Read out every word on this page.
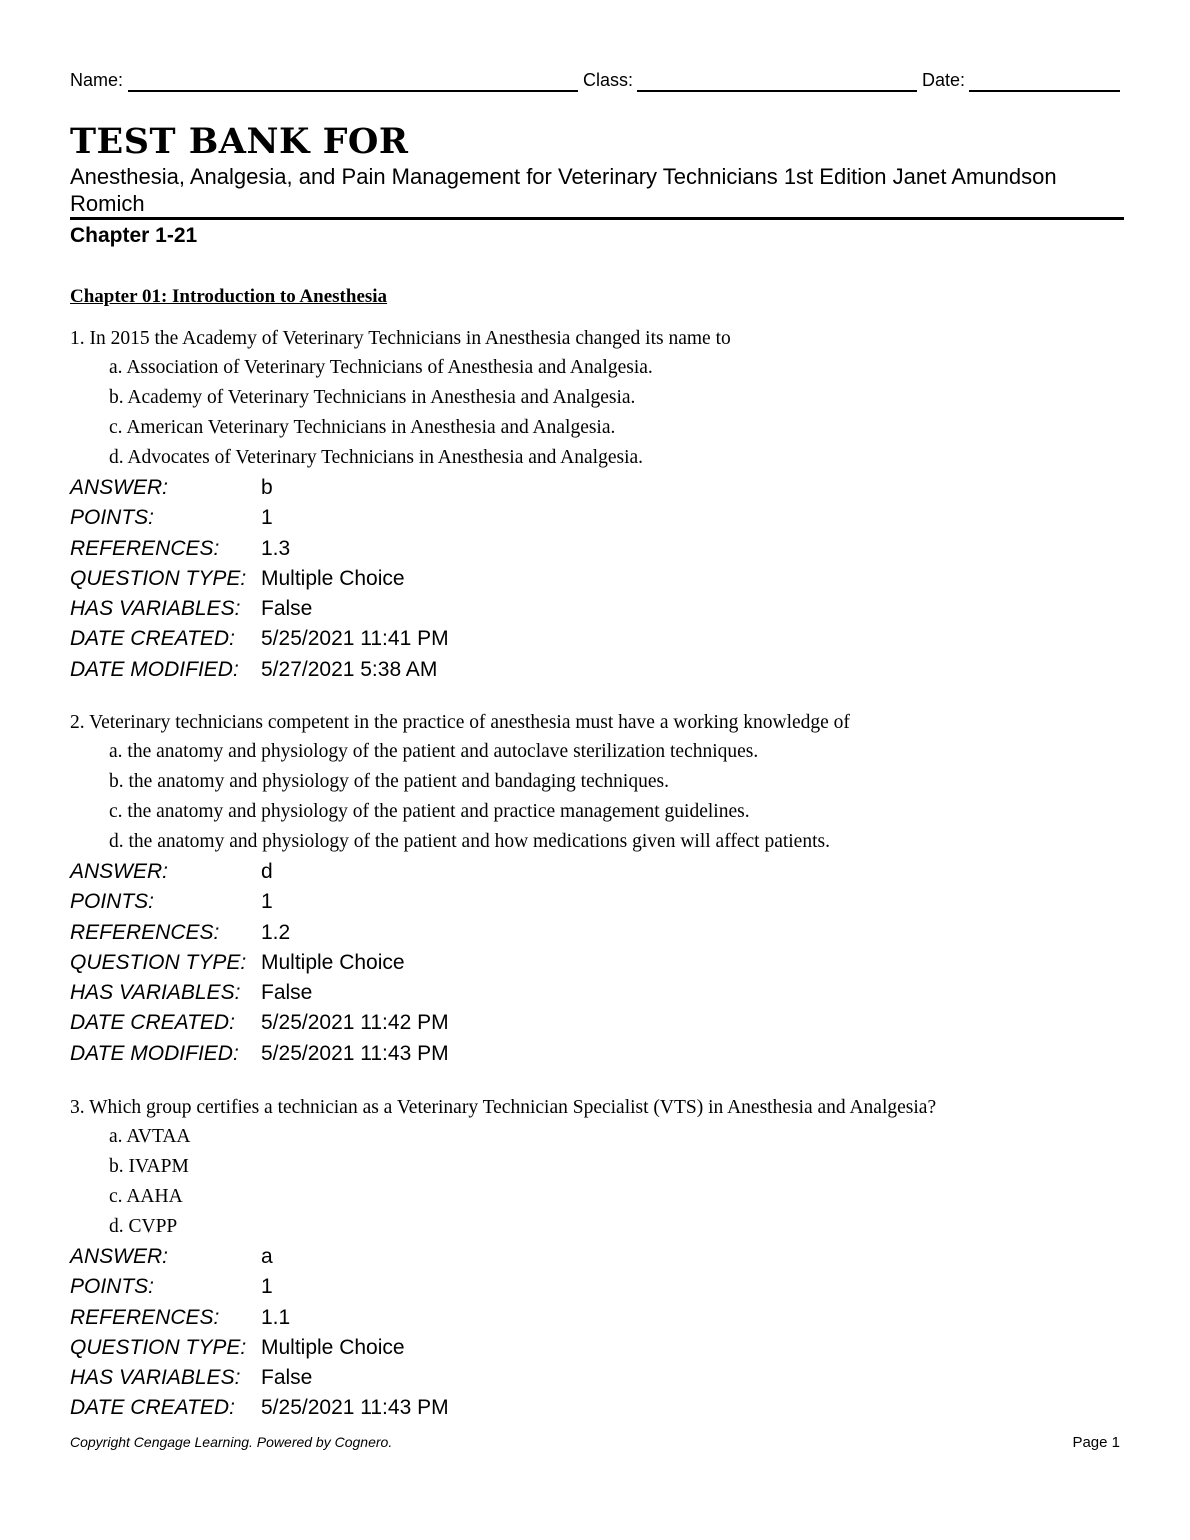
Name:	Class:	Date:
TEST BANK FOR
Anesthesia, Analgesia, and Pain Management for Veterinary Technicians 1st Edition Janet Amundson Romich
Chapter 1-21
Chapter 01: Introduction to Anesthesia
1. In 2015 the Academy of Veterinary Technicians in Anesthesia changed its name to
a. Association of Veterinary Technicians of Anesthesia and Analgesia.
b. Academy of Veterinary Technicians in Anesthesia and Analgesia.
c. American Veterinary Technicians in Anesthesia and Analgesia.
d. Advocates of Veterinary Technicians in Anesthesia and Analgesia.
ANSWER:	b
POINTS:	1
REFERENCES: 1.3
QUESTION TYPE: Multiple Choice
HAS VARIABLES: False
DATE CREATED: 5/25/2021 11:41 PM
DATE MODIFIED: 5/27/2021 5:38 AM
2. Veterinary technicians competent in the practice of anesthesia must have a working knowledge of
a. the anatomy and physiology of the patient and autoclave sterilization techniques.
b. the anatomy and physiology of the patient and bandaging techniques.
c. the anatomy and physiology of the patient and practice management guidelines.
d. the anatomy and physiology of the patient and how medications given will affect patients.
ANSWER:	d
POINTS:	1
REFERENCES: 1.2
QUESTION TYPE: Multiple Choice
HAS VARIABLES: False
DATE CREATED: 5/25/2021 11:42 PM
DATE MODIFIED: 5/25/2021 11:43 PM
3. Which group certifies a technician as a Veterinary Technician Specialist (VTS) in Anesthesia and Analgesia?
a. AVTAA
b. IVAPM
c. AAHA
d. CVPP
ANSWER:	a
POINTS:	1
REFERENCES: 1.1
QUESTION TYPE: Multiple Choice
HAS VARIABLES: False
DATE CREATED: 5/25/2021 11:43 PM
Copyright Cengage Learning. Powered by Cognero.	Page 1
